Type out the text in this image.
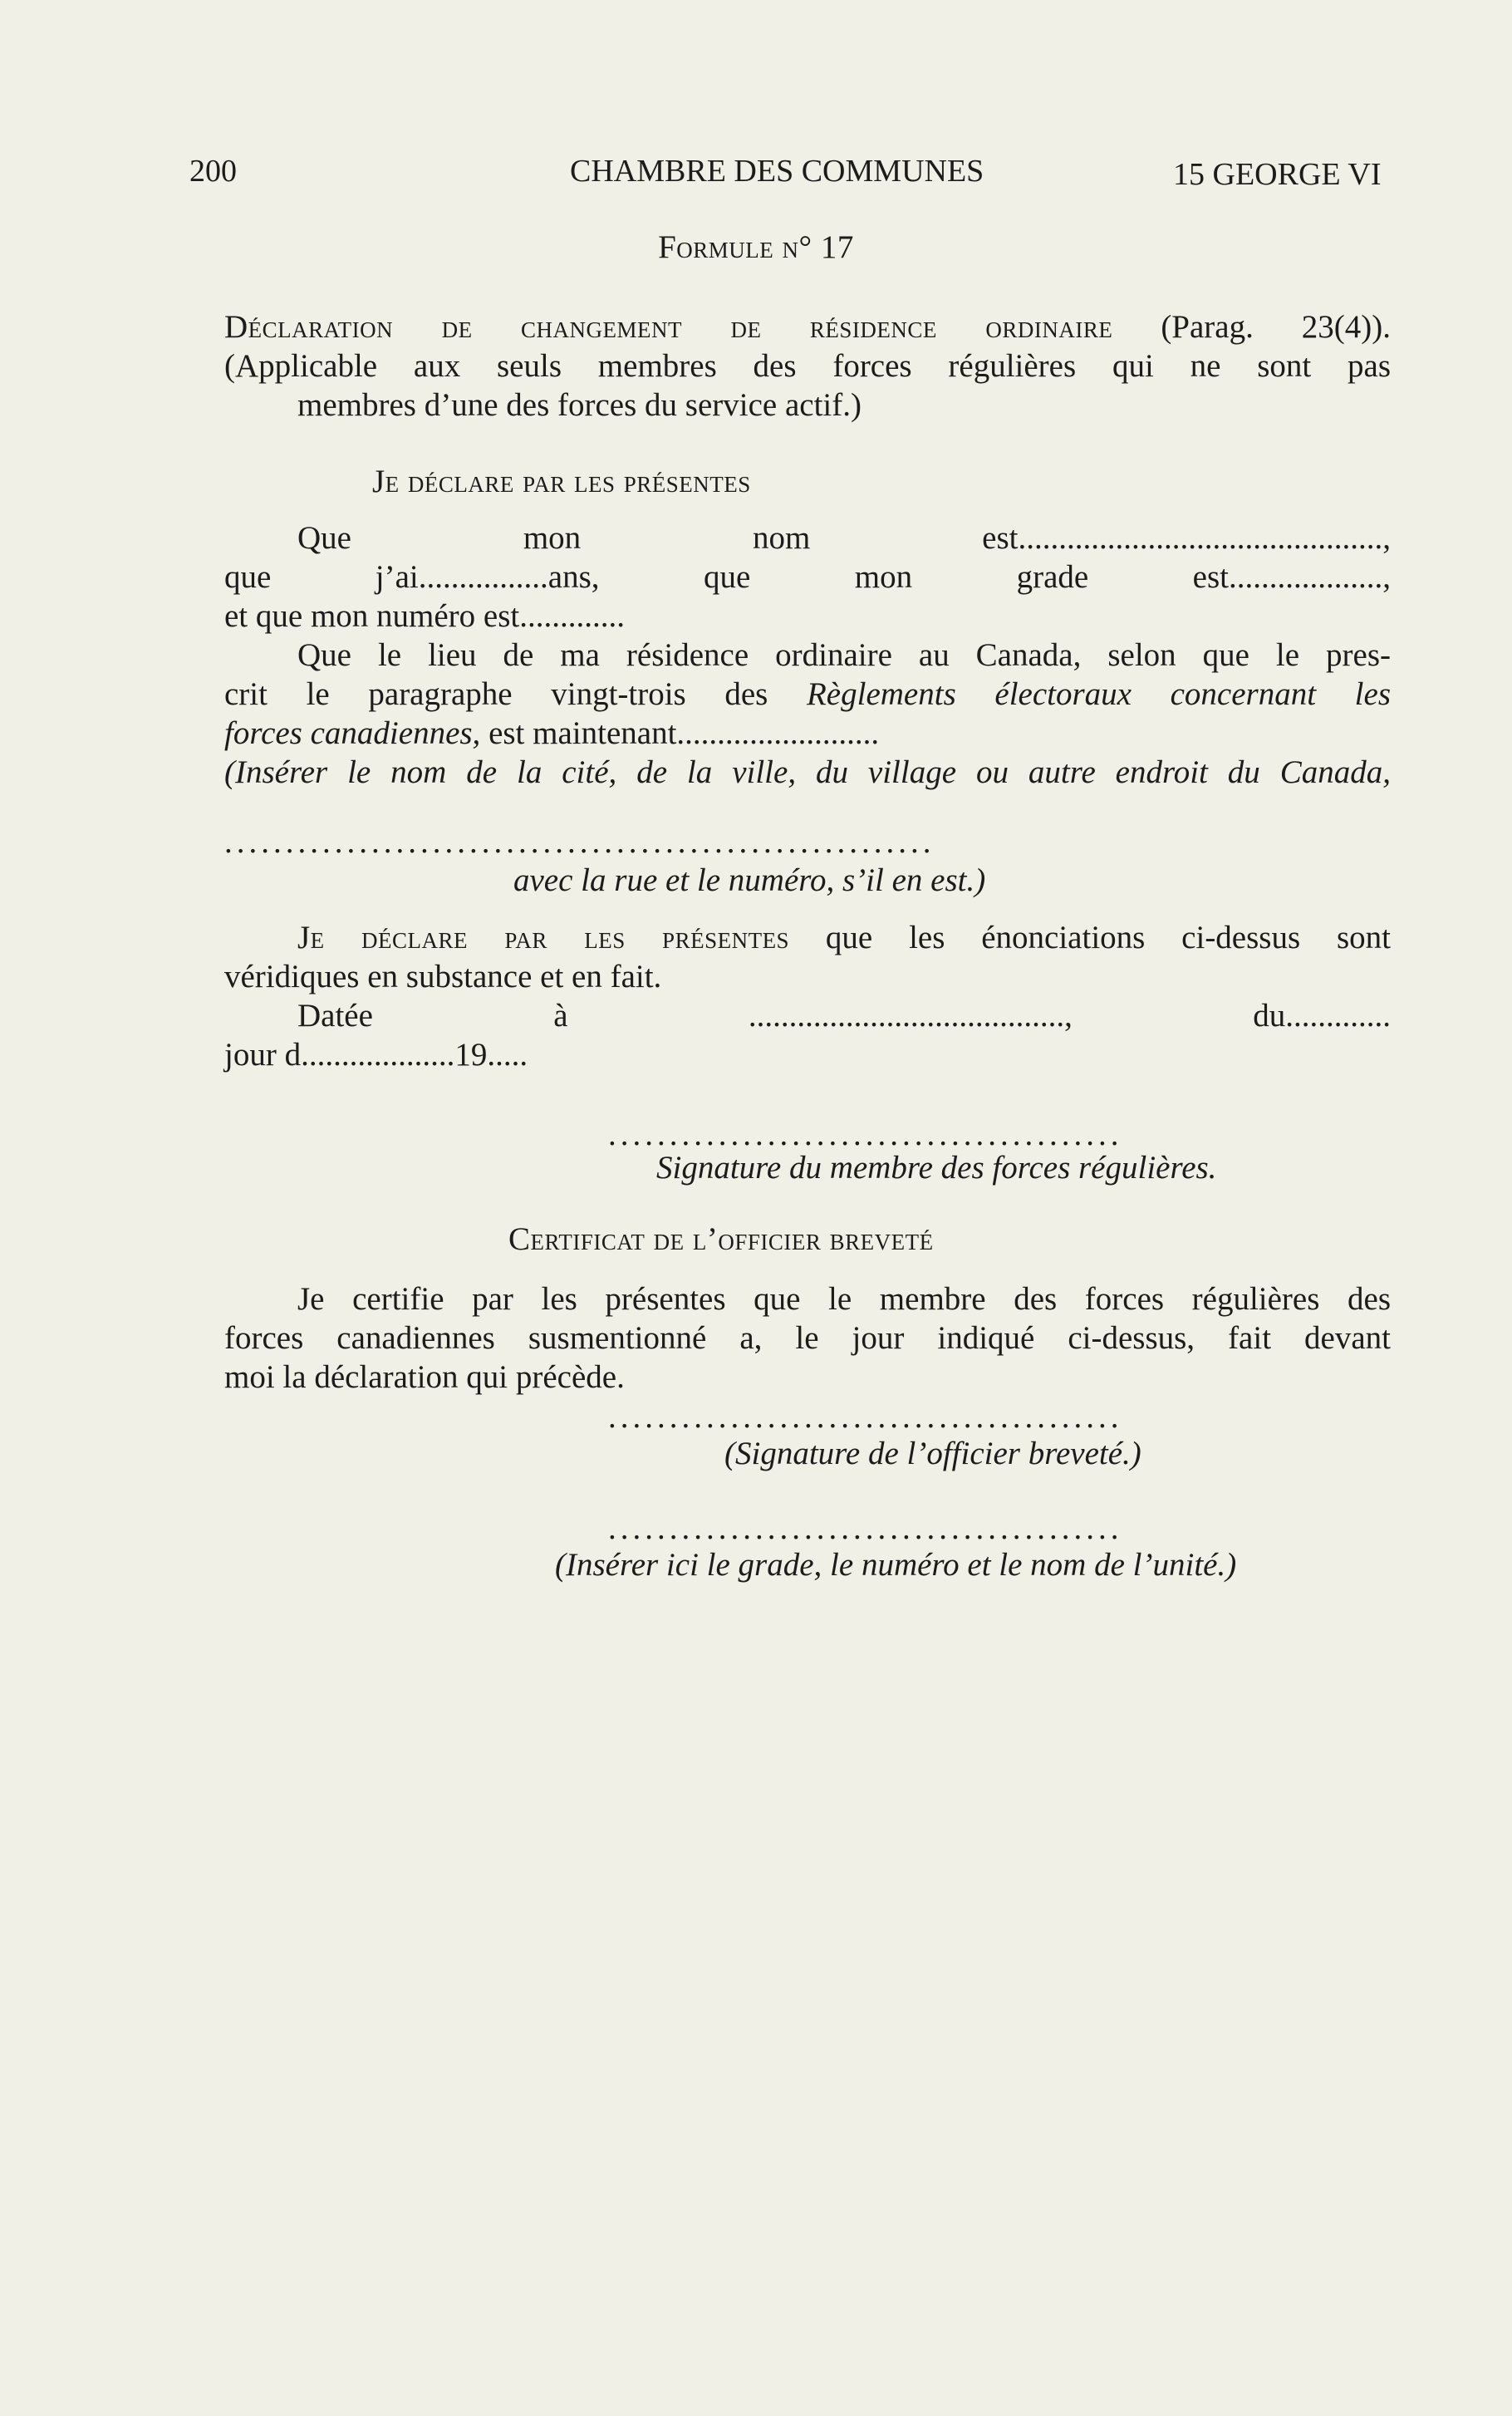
200	CHAMBRE DES COMMUNES	15 GEORGE VI
Formule n° 17
Déclaration de changement de résidence ordinaire (Parag. 23(4)).
(Applicable aux seuls membres des forces régulières qui ne sont pas
membres d’une des forces du service actif.)
Je déclare par les présentes
Que mon nom est.............................................,
que j’ai................ans, que mon grade est...................,
et que mon numéro est.............
Que le lieu de ma résidence ordinaire au Canada, selon que le pres-
crit le paragraphe vingt-trois des Règlements électoraux concernant les
forces canadiennes, est maintenant.........................
(Insérer le nom de la cité, de la ville, du village ou autre endroit du Canada,
..........................................................
avec la rue et le numéro, s’il en est.)
Je déclare par les présentes que les énonciations ci-dessus sont
véridiques en substance et en fait.
Datée à ......................................., du.............
jour d...................19.....
..........................................
Signature du membre des forces régulières.
Certificat de l’officier breveté
Je certifie par les présentes que le membre des forces régulières des
forces canadiennes susmentionné a, le jour indiqué ci-dessus, fait devant
moi la déclaration qui précède.
..........................................
(Signature de l’officier breveté.)
..........................................
(Insérer ici le grade, le numéro et le nom de l’unité.)
